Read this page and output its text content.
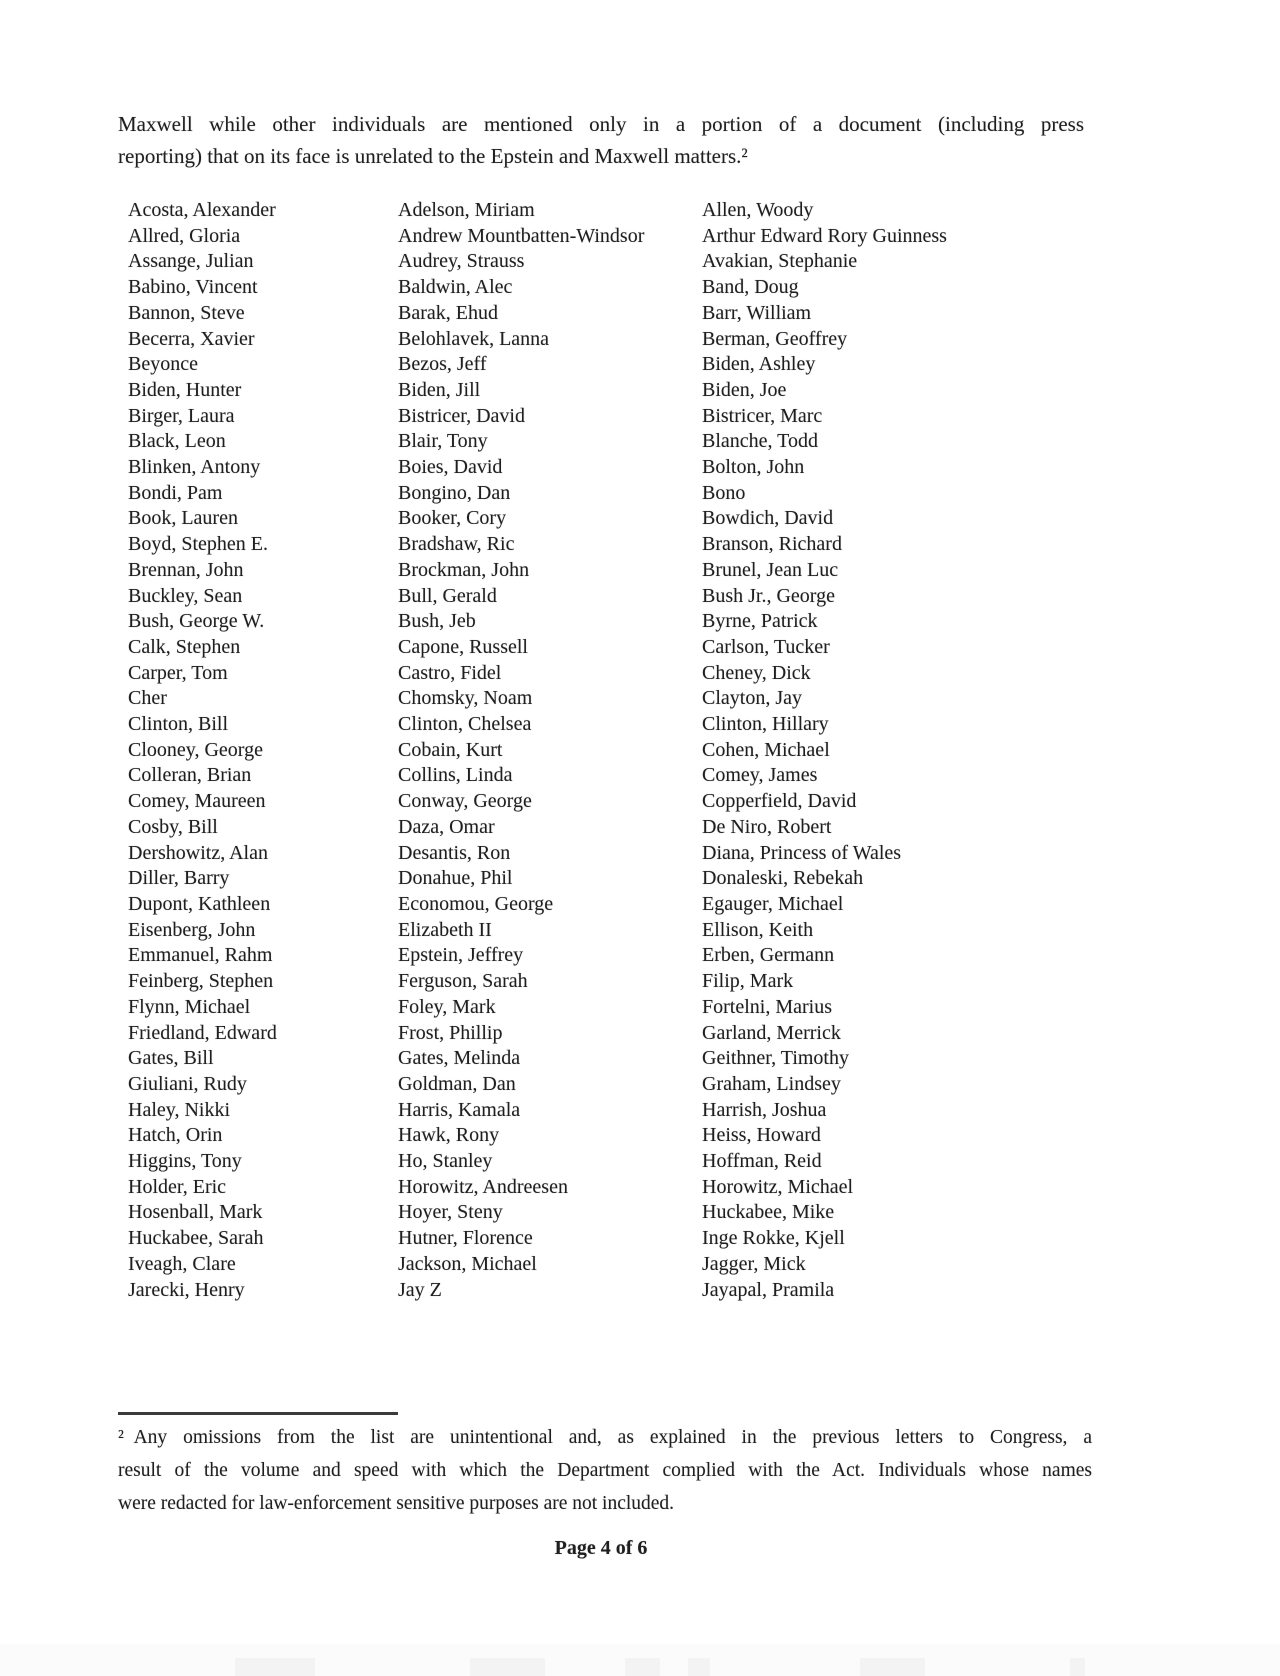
Maxwell while other individuals are mentioned only in a portion of a document (including press
reporting) that on its face is unrelated to the Epstein and Maxwell matters.²
Acosta, Alexander
Allred, Gloria
Assange, Julian
Babino, Vincent
Bannon, Steve
Becerra, Xavier
Beyonce
Biden, Hunter
Birger, Laura
Black, Leon
Blinken, Antony
Bondi, Pam
Book, Lauren
Boyd, Stephen E.
Brennan, John
Buckley, Sean
Bush, George W.
Calk, Stephen
Carper, Tom
Cher
Clinton, Bill
Clooney, George
Colleran, Brian
Comey, Maureen
Cosby, Bill
Dershowitz, Alan
Diller, Barry
Dupont, Kathleen
Eisenberg, John
Emmanuel, Rahm
Feinberg, Stephen
Flynn, Michael
Friedland, Edward
Gates, Bill
Giuliani, Rudy
Haley, Nikki
Hatch, Orin
Higgins, Tony
Holder, Eric
Hosenball, Mark
Huckabee, Sarah
Iveagh, Clare
Jarecki, Henry
Adelson, Miriam
Andrew Mountbatten-Windsor
Audrey, Strauss
Baldwin, Alec
Barak, Ehud
Belohlavek, Lanna
Bezos, Jeff
Biden, Jill
Bistricer, David
Blair, Tony
Boies, David
Bongino, Dan
Booker, Cory
Bradshaw, Ric
Brockman, John
Bull, Gerald
Bush, Jeb
Capone, Russell
Castro, Fidel
Chomsky, Noam
Clinton, Chelsea
Cobain, Kurt
Collins, Linda
Conway, George
Daza, Omar
Desantis, Ron
Donahue, Phil
Economou, George
Elizabeth II
Epstein, Jeffrey
Ferguson, Sarah
Foley, Mark
Frost, Phillip
Gates, Melinda
Goldman, Dan
Harris, Kamala
Hawk, Rony
Ho, Stanley
Horowitz, Andreesen
Hoyer, Steny
Hutner, Florence
Jackson, Michael
Jay Z
Allen, Woody
Arthur Edward Rory Guinness
Avakian, Stephanie
Band, Doug
Barr, William
Berman, Geoffrey
Biden, Ashley
Biden, Joe
Bistricer, Marc
Blanche, Todd
Bolton, John
Bono
Bowdich, David
Branson, Richard
Brunel, Jean Luc
Bush Jr., George
Byrne, Patrick
Carlson, Tucker
Cheney, Dick
Clayton, Jay
Clinton, Hillary
Cohen, Michael
Comey, James
Copperfield, David
De Niro, Robert
Diana, Princess of Wales
Donaleski, Rebekah
Egauger, Michael
Ellison, Keith
Erben, Germann
Filip, Mark
Fortelni, Marius
Garland, Merrick
Geithner, Timothy
Graham, Lindsey
Harrish, Joshua
Heiss, Howard
Hoffman, Reid
Horowitz, Michael
Huckabee, Mike
Inge Rokke, Kjell
Jagger, Mick
Jayapal, Pramila
² Any omissions from the list are unintentional and, as explained in the previous letters to Congress, a
result of the volume and speed with which the Department complied with the Act. Individuals whose names
were redacted for law-enforcement sensitive purposes are not included.
Page 4 of 6
